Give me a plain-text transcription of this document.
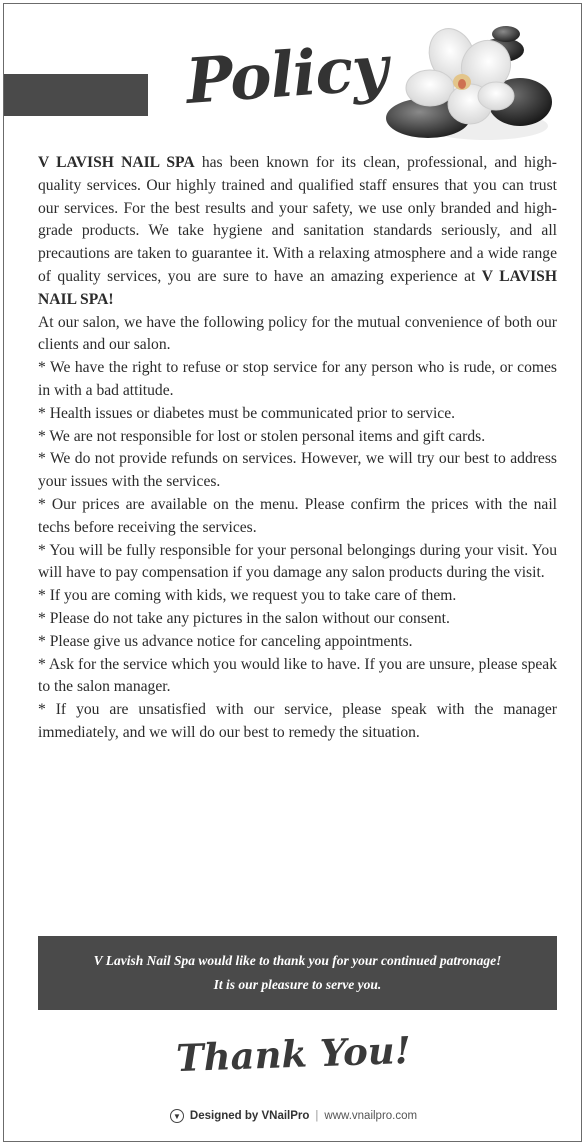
Policy

V LAVISH NAIL SPA has been known for its clean, professional, and high-quality services. Our highly trained and qualified staff ensures that you can trust our services. For the best results and your safety, we use only branded and high-grade products. We take hygiene and sanitation standards seriously, and all precautions are taken to guarantee it. With a relaxing atmosphere and a wide range of quality services, you are sure to have an amazing experience at V LAVISH NAIL SPA!

At our salon, we have the following policy for the mutual convenience of both our clients and our salon.

* We have the right to refuse or stop service for any person who is rude, or comes in with a bad attitude.

* Health issues or diabetes must be communicated prior to service.

* We are not responsible for lost or stolen personal items and gift cards.

* We do not provide refunds on services. However, we will try our best to address your issues with the services.

* Our prices are available on the menu. Please confirm the prices with the nail techs before receiving the services.

* You will be fully responsible for your personal belongings during your visit. You will have to pay compensation if you damage any salon products during the visit.

* If you are coming with kids, we request you to take care of them.

* Please do not take any pictures in the salon without our consent.

* Please give us advance notice for canceling appointments.

* Ask for the service which you would like to have. If you are unsure, please speak to the salon manager.

* If you are unsatisfied with our service, please speak with the manager immediately, and we will do our best to remedy the situation.

V Lavish Nail Spa would like to thank you for your continued patronage!
It is our pleasure to serve you.
Thank You!
▼ Designed by VNailPro | www.vnailpro.com
